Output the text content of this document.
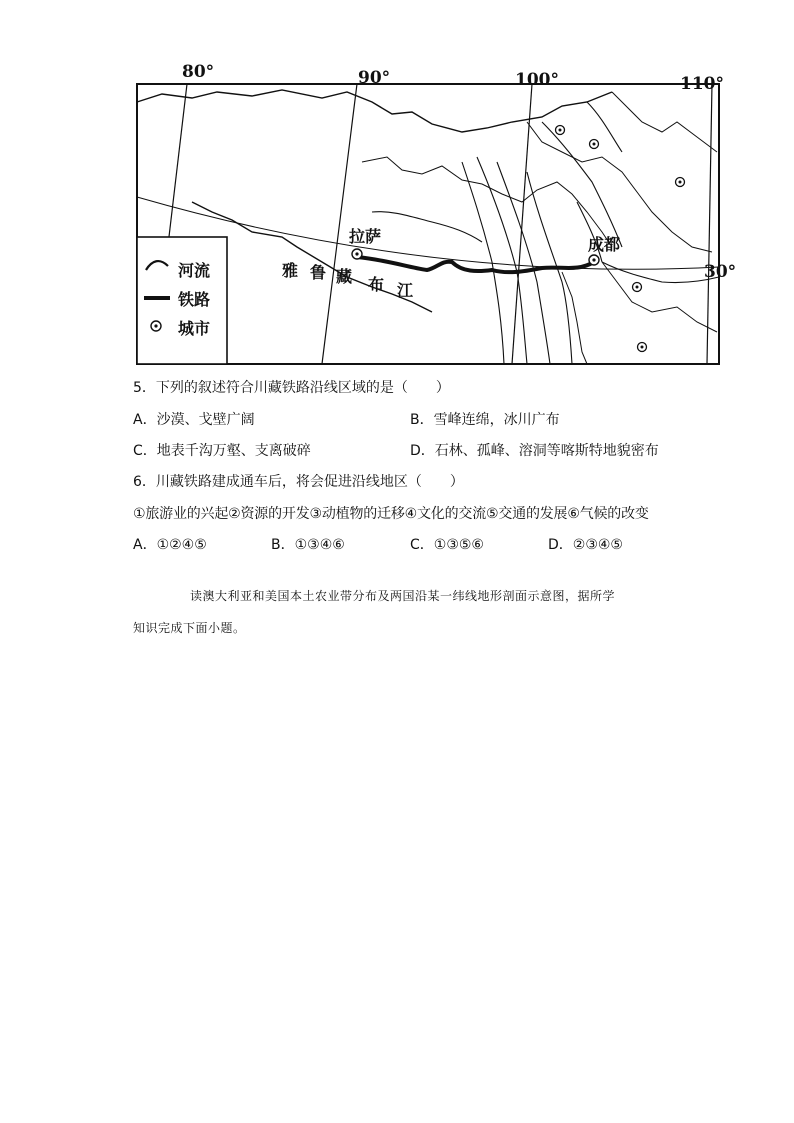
80°	90°	100°	110°
30°
拉萨	成都
雅 鲁 藏 布 江
河流
铁路
城市
5．下列的叙述符合川藏铁路沿线区域的是（　　）
A．沙漠、戈壁广阔	B．雪峰连绵，冰川广布
C．地表千沟万壑、支离破碎	D．石林、孤峰、溶洞等喀斯特地貌密布
6．川藏铁路建成通车后，将会促进沿线地区（　　）
①旅游业的兴起②资源的开发③动植物的迁移④文化的交流⑤交通的发展⑥气候的改变
A．①②④⑤	B．①③④⑥	C．①③⑤⑥	D．②③④⑤
读澳大利亚和美国本土农业带分布及两国沿某一纬线地形剖面示意图，据所学
知识完成下面小题。
